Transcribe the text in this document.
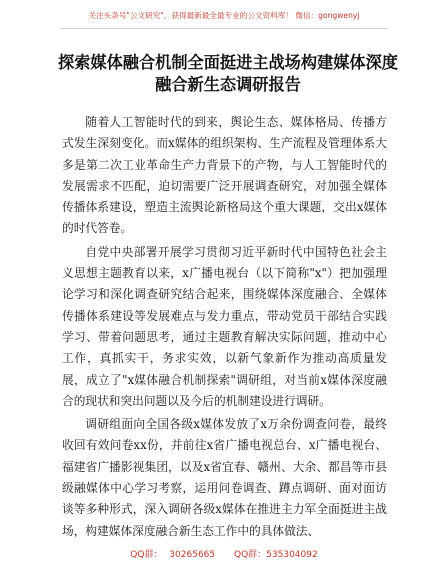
关注头条号"公文研究"，获得最新最全最专业的公文资料库！ 微信：gongwenyj
探索媒体融合机制全面挺进主战场构建媒体深度融合新生态调研报告

随着人工智能时代的到来，舆论生态、媒体格局、传播方式发生深刻变化。而x媒体的组织架构、生产流程及管理体系大多是第二次工业革命生产力背景下的产物，与人工智能时代的发展需求不匹配，迫切需要广泛开展调查研究，对加强全媒体传播体系建设，塑造主流舆论新格局这个重大课题，交出x媒体的时代答卷。

自党中央部署开展学习贯彻习近平新时代中国特色社会主义思想主题教育以来，x广播电视台（以下简称"x"）把加强理论学习和深化调查研究结合起来，围绕媒体深度融合、全媒体传播体系建设等发展难点与发力重点，带动党员干部结合实践学习、带着问题思考，通过主题教育解决实际问题，推动中心工作，真抓实干，务求实效，以新气象新作为推动高质量发展，成立了"x媒体融合机制探索"调研组，对当前x媒体深度融合的现状和突出问题以及今后的机制建设进行调研。

调研组面向全国各级x媒体发放了x万余份调查问卷，最终收回有效问卷xx份，并前往x省广播电视总台、x广播电视台、福建省广播影视集团，以及x省宜春、赣州、大余、都昌等市县级融媒体中心学习考察，运用问卷调查、蹲点调研、面对面访谈等多种形式，深入调研各级x媒体在推进主力军全面挺进主战场，构建媒体深度融合新生态工作中的具体做法、

QQ群： 30265665 QQ群：535304092
